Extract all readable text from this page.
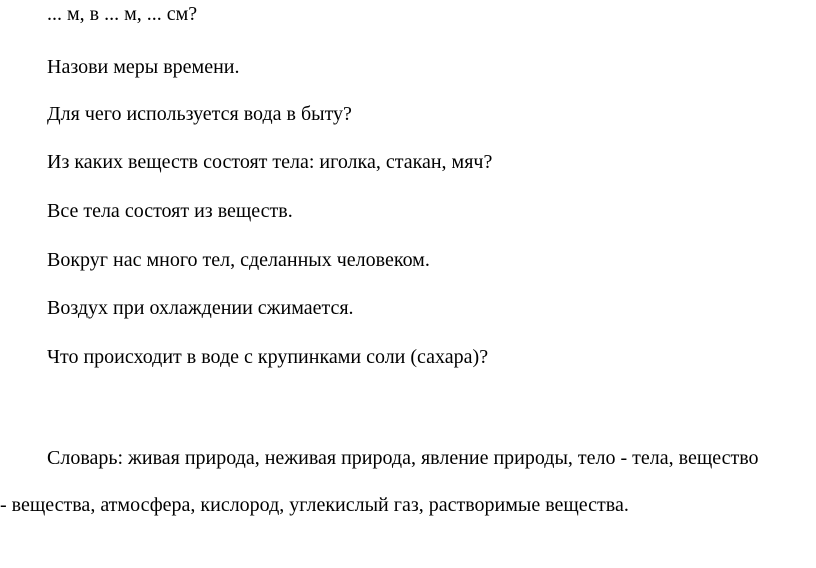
... м, в ... м, ... см?
Назови меры времени.
Для чего используется вода в быту?
Из каких веществ состоят тела: иголка, стакан, мяч?
Все тела состоят из веществ.
Вокруг нас много тел, сделанных человеком.
Воздух при охлаждении сжимается.
Что происходит в воде с крупинками соли (сахара)?
Словарь: живая природа, неживая природа, явление природы, тело - тела, вещество
- вещества, атмосфера, кислород, углекислый газ, растворимые вещества.
